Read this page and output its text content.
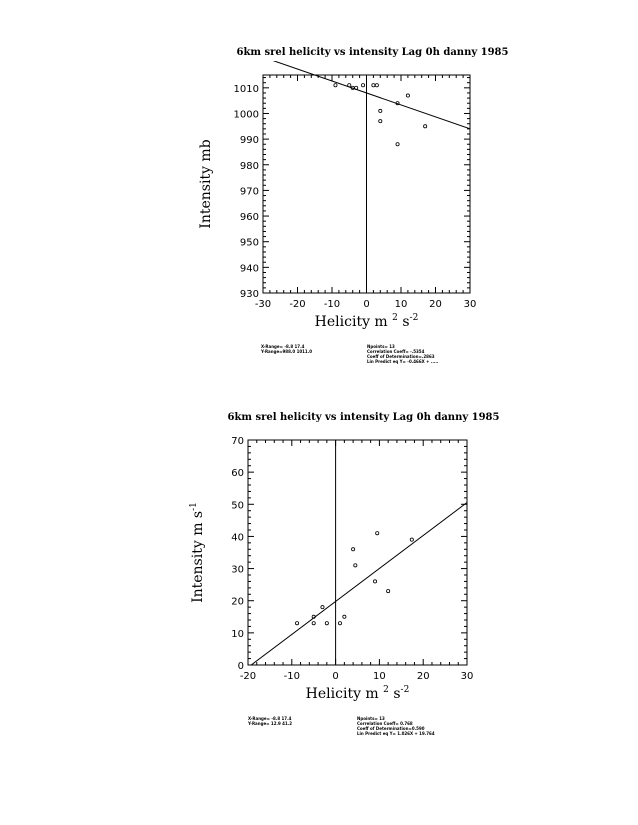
6km srel helicity vs intensity Lag 0h danny 1985
-30 -20 -10 0 10 20 30
930
940
950
960
970
980
990
1000
1010
Helicity m $^2$ $s^{-2}$
Intensity mb
X-Range= -8.8 17.4
Y-Range=988.0 1011.0
Npoints= 13
Correlation Coeff= -.5354
Coeff of Determination=.2863
Lin Predict eq Y= -0.466X + .....
6km srel helicity vs intensity Lag 0h danny 1985
-20	-10	0	10	20	30
0
10
20
30
40
50
60
70
Helicity m $^2$ $s^{-2}$
Intensity m $s^{-1}$
X-Range= -8.8 17.4
Y-Range= 12.9 41.2
Npoints= 13
Correlation Coeff= 0.768
Coeff of Determination=0.590
Lin Predict eq Y= 1.026X + 19.764
